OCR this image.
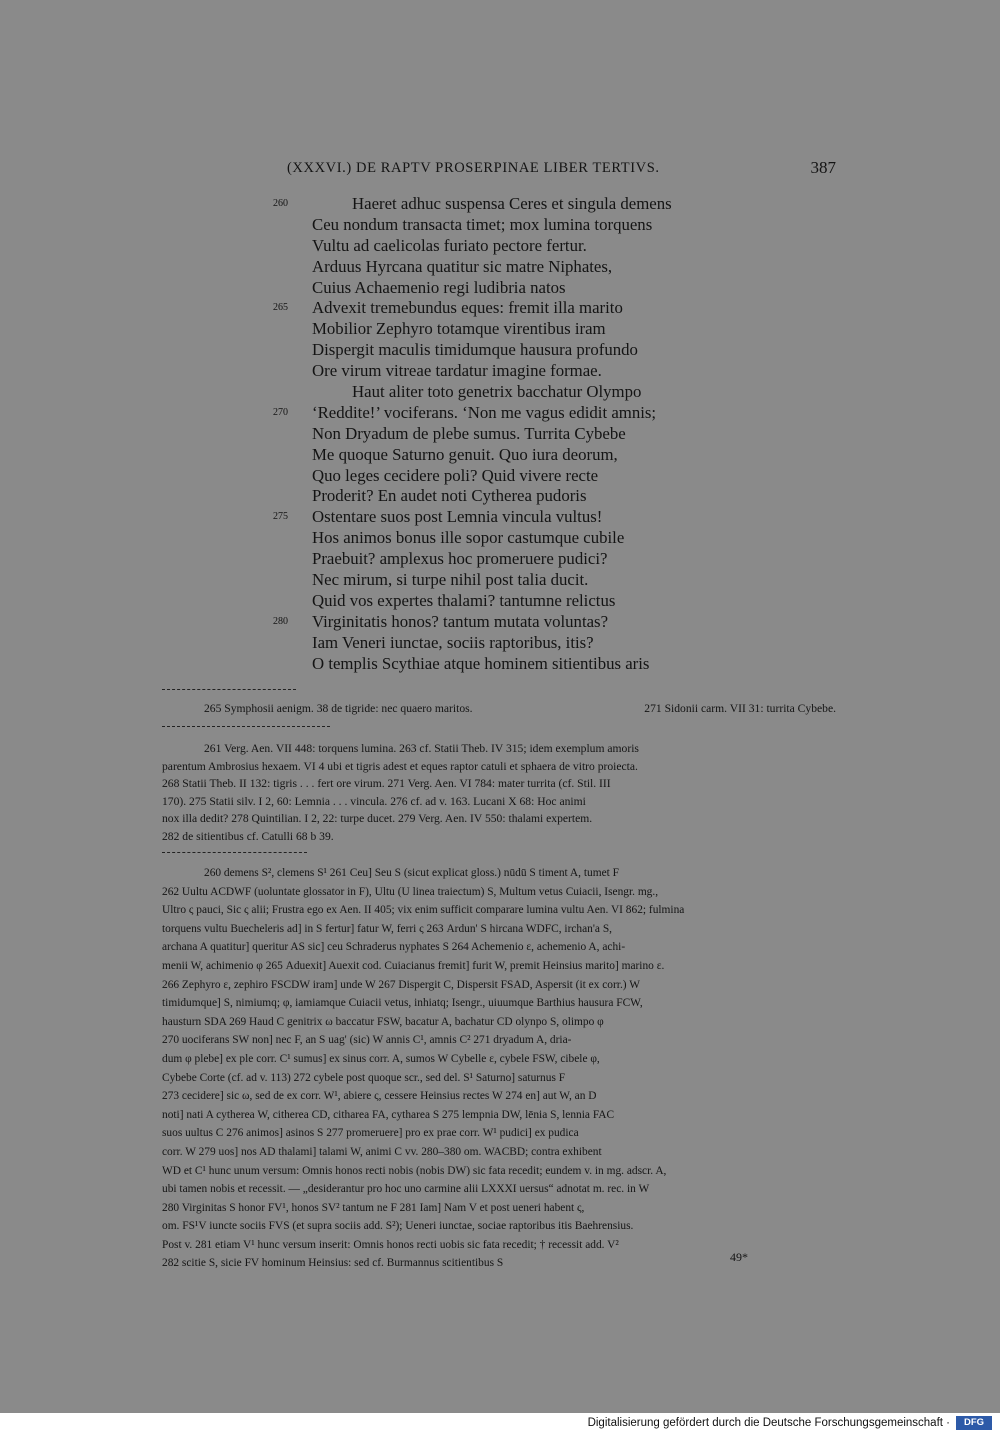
(XXXVI.) DE RAPTV PROSERPINAE LIBER TERTIVS.	387
260	Haeret adhuc suspensa Ceres et singula demens
Ceu nondum transacta timet; mox lumina torquens
Vultu ad caelicolas furiato pectore fertur.
Arduus Hyrcana quatitur sic matre Niphates,
Cuius Achaemenio regi ludibria natos
265 Advexit tremebundus eques: fremit illa marito
Mobilior Zephyro totamque virentibus iram
Dispergit maculis timidumque hausura profundo
Ore virum vitreae tardatur imagine formae.
Haut aliter toto genetrix bacchatur Olympo
270 ‘Reddite!’ vociferans. ‘Non me vagus edidit amnis;
Non Dryadum de plebe sumus. Turrita Cybebe
Me quoque Saturno genuit. Quo iura deorum,
Quo leges cecidere poli? Quid vivere recte
Proderit? En audet noti Cytherea pudoris
275 Ostentare suos post Lemnia vincula vultus!
Hos animos bonus ille sopor castumque cubile
Praebuit? amplexus hoc promeruere pudici?
Nec mirum, si turpe nihil post talia ducit.
Quid vos expertes thalami? tantumne relictus
280 Virginitatis honos? tantum mutata voluntas?
Iam Veneri iunctae, sociis raptoribus, itis?
O templis Scythiae atque hominem sitientibus aris
265 Symphosii aenigm. 38 de tigride: nec quaero maritos.	271 Sidonii carm. VII 31: turrita Cybebe.
261 Verg. Aen. VII 448: torquens lumina. 263 cf. Statii Theb. IV 315; idem exemplum amoris
parentum Ambrosius hexaem. VI 4 ubi et tigris adest et eques raptor catuli et sphaera de vitro proiecta.
268 Statii Theb. II 132: tigris . . . fert ore virum. 271 Verg. Aen. VI 784: mater turrita (cf. Stil. III
170). 275 Statii silv. I 2, 60: Lemnia . . . vincula. 276 cf. ad v. 163. Lucani X 68: Hoc animi
nox illa dedit? 278 Quintilian. I 2, 22: turpe ducet. 279 Verg. Aen. IV 550: thalami expertem.
282 de sitientibus cf. Catulli 68 b 39.
260 demens S², clemens S¹ 261 Ceu] Seu S (sicut explicat gloss.) nūdū S timent A, tumet F
262 Uultu ACDWF (uoluntate glossator in F), Ultu (U linea traiectum) S, Multum vetus Cuiacii, Isengr. mg.,
Ultro ς pauci, Sic ς alii; Frustra ego ex Aen. II 405; vix enim sufficit comparare lumina vultu Aen. VI 862; fulmina
torquens vultu Buecheleris ad] in S fertur] fatur W, ferri ς 263 Ardun' S hircana WDFC, irchan'a S,
archana A quatitur] queritur AS sic] ceu Schraderus nyphates S 264 Achemenio ε, achemenio A, achi-
menii W, achimenio φ 265 Aduexit] Auexit cod. Cuiacianus fremit] furit W, premit Heinsius marito] marino ε.
266 Zephyro ε, zephiro FSCDW iram] unde W 267 Dispergit C, Dispersit FSAD, Aspersit (it ex corr.) W
timidumque] S, nimiumq; φ, iamiamque Cuiacii vetus, inhiatq; Isengr., uiuumque Barthius hausura FCW,
hausturn SDA 269 Haud C genitrix ω baccatur FSW, bacatur A, bachatur CD olynpo S, olimpo φ
270 uociferans SW non] nec F, an S uag' (sic) W annis C¹, amnis C² 271 dryadum A, dria-
dum φ plebe] ex ple corr. C¹ sumus] ex sinus corr. A, sumos W Cybelle ε, cybele FSW, cibele φ,
Cybebe Corte (cf. ad v. 113) 272 cybele post quoque scr., sed del. S¹ Saturno] saturnus F
273 cecidere] sic ω, sed de ex corr. W¹, abiere ς, cessere Heinsius rectes W 274 en] aut W, an D
noti] nati A cytherea W, citherea CD, citharea FA, cytharea S 275 lempnia DW, lēnia S, lennia FAC
suos uultus C 276 animos] asinos S 277 promeruere] pro ex prae corr. W¹ pudici] ex pudica
corr. W 279 uos] nos AD thalami] talami W, animi C vv. 280–380 om. WACBD; contra exhibent
WD et C¹ hunc unum versum: Omnis honos recti nobis (nobis DW) sic fata recedit; eundem v. in mg. adscr. A,
ubi tamen nobis et recessit. — „desiderantur pro hoc uno carmine alii LXXXI uersus“ adnotat m. rec. in W
280 Virginitas S honor FV¹, honos SV² tantum ne F 281 Iam] Nam V et post ueneri habent ς,
om. FS¹V iuncte sociis FVS (et supra sociis add. S²); Ueneri iunctae, sociae raptoribus itis Baehrensius.
Post v. 281 etiam V¹ hunc versum inserit: Omnis honos recti uobis sic fata recedit; † recessit add. V²
282 scitie S, sicie FV hominum Heinsius: sed cf. Burmannus scitientibus S	49*
Digitalisierung gefördert durch die Deutsche Forschungsgemeinschaft ·	DFG
